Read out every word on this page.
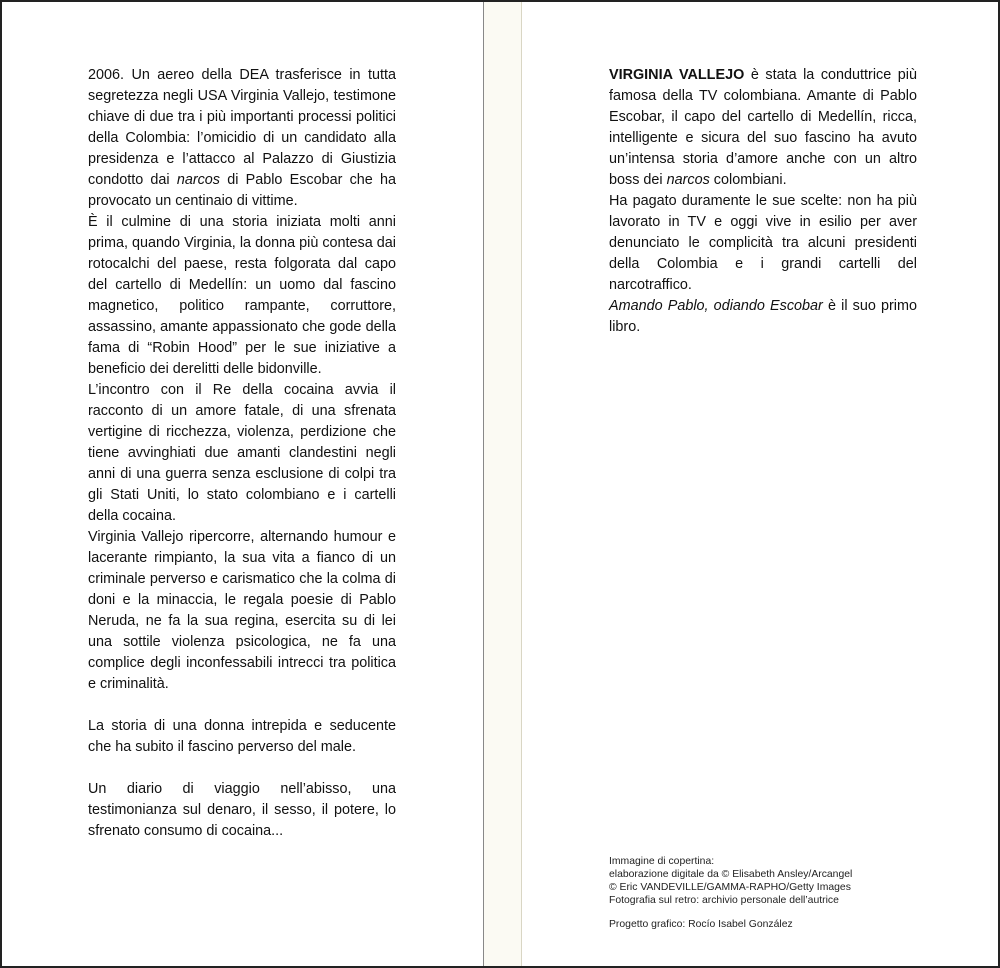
2006. Un aereo della DEA trasferisce in tutta segretezza negli USA Virginia Vallejo, testimone chiave di due tra i più importanti processi politici della Colombia: l’omicidio di un candidato alla presidenza e l’attacco al Palazzo di Giustizia condotto dai narcos di Pablo Escobar che ha provocato un centinaio di vittime.

È il culmine di una storia iniziata molti anni prima, quando Virginia, la donna più contesa dai rotocalchi del paese, resta folgorata dal capo del cartello di Medellín: un uomo dal fascino magnetico, politico rampante, corruttore, assassino, amante appassionato che gode della fama di “Robin Hood” per le sue iniziative a beneficio dei derelitti delle bidonville.

L’incontro con il Re della cocaina avvia il racconto di un amore fatale, di una sfrenata vertigine di ricchezza, violenza, perdizione che tiene avvinghiati due amanti clandestini negli anni di una guerra senza esclusione di colpi tra gli Stati Uniti, lo stato colombiano e i cartelli della cocaina.

Virginia Vallejo ripercorre, alternando humour e lacerante rimpianto, la sua vita a fianco di un criminale perverso e carismatico che la colma di doni e la minaccia, le regala poesie di Pablo Neruda, ne fa la sua regina, esercita su di lei una sottile violenza psicologica, ne fa una complice degli inconfessabili intrecci tra politica e criminalità.

La storia di una donna intrepida e seducente che ha subito il fascino perverso del male.

Un diario di viaggio nell’abisso, una testimonianza sul denaro, il sesso, il potere, lo sfrenato consumo di cocaina...

VIRGINIA VALLEJO è stata la conduttrice più famosa della TV colombiana. Amante di Pablo Escobar, il capo del cartello di Medellín, ricca, intelligente e sicura del suo fascino ha avuto un’intensa storia d’amore anche con un altro boss dei narcos colombiani.

Ha pagato duramente le sue scelte: non ha più lavorato in TV e oggi vive in esilio per aver denunciato le complicità tra alcuni presidenti della Colombia e i grandi cartelli del narcotraffico.

Amando Pablo, odiando Escobar è il suo primo libro.

Immagine di copertina:
elaborazione digitale da © Elisabeth Ansley/Arcangel
© Eric VANDEVILLE/GAMMA-RAPHO/Getty Images
Fotografia sul retro: archivio personale dell’autrice
Progetto grafico: Rocío Isabel González
